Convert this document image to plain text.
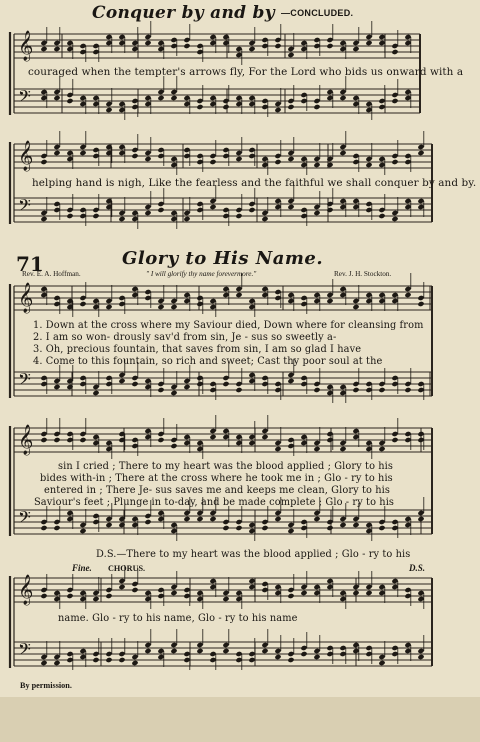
𝄞
𝄢
𝄞
𝄢
𝄞
𝄢
𝄞
𝄢
𝄞
𝄢
Conquer by and by —CONCLUDED.
couraged when the tempter's arrows fly, For the Lord who bids us onward with a
helping hand is nigh, Like the fearless and the faithful we shall conquer by and by.
71	Glory to His Name.
Rev. E. A. Hoffman.	" I will glorify thy name forevermore."	Rev. J. H. Stockton.
1. Down at the cross where my Saviour died, Down where for cleansing from
2. I am so won- drously sav'd from sin, Je - sus so sweetly a-
3. Oh, precious fountain, that saves from sin, I am so glad I have
4. Come to this fountain, so rich and sweet; Cast thy poor soul at the
sin I cried ; There to my heart was the blood applied ; Glory to his
bides with-in ; There at the cross where he took me in ; Glo - ry to his
entered in ; There Je- sus saves me and keeps me clean, Glory to his
Saviour's feet ; Plunge in to-day, and be made complete ; Glo - ry to his
D.S.—There to my heart was the blood applied ; Glo - ry to his
Fine. CHORUS.	D.S.
name. Glo - ry to his name, Glo - ry to his name
By permission.
